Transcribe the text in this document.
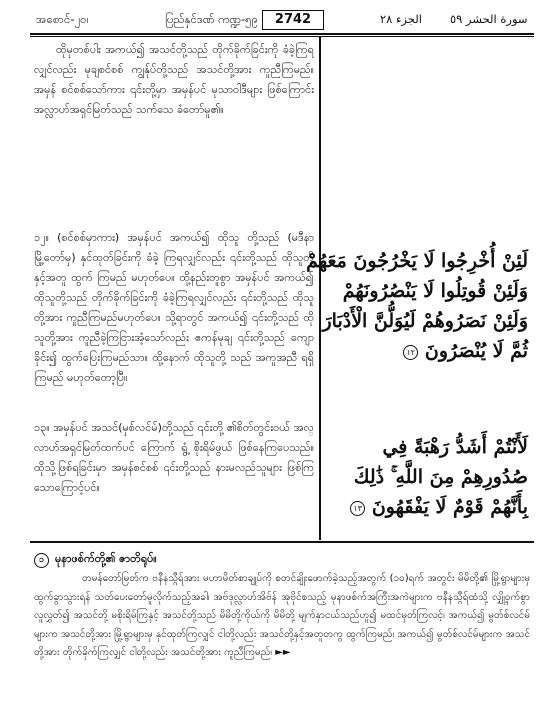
အစောင်-၂၀၊	ပြည်နှင်ဒဏ် ကဏ္ဍ-၅၉	2742	الجزء ٢٨ سورة الحشر ٥٩
ထိုမှတစ်ပါး အကယ်၍ အသင်တို့သည် တိုက်ခိုက်ခြင်းကို ခံခဲ့ကြရလျှင်လည်း မုချစင်စစ် ကျွန်ုပ်တို့သည် အသင်တို့အား ကူညီကြမည်။ အမှန် စင်စစ်သော်ကား ၎င်းတို့မှာ အမှန်ပင် မုသာဝါဒီများ ဖြစ်ကြောင်း အလ္လာဟ်အရှင်မြတ်သည် သက်သေ ခံတော်မူ၏။
၁၂။ (စင်စစ်မှာကား) အမှန်ပင် အကယ်၍ ထိုသူ တို့သည် (မဒီနာမြို့တော်မှ) နှင်ထုတ်ခြင်းကို ခံခဲ့ ကြရလျှင်လည်း ၎င်းတို့သည် ထိုသူတို့နှင့်အတူ ထွက် ကြမည် မဟုတ်ပေ။ ထို့နည်းတူစွာ အမှန်ပင် အကယ်၍ ထိုသူတို့သည် တိုက်ခိုက်ခြင်းကို ခံခဲ့ကြရလျှင်လည်း ၎င်းတို့သည် ထိုသူတို့အား ကူညီကြမည်မဟုတ်ပေ။ သို့ရာတွင် အကယ်၍ ၎င်းတို့သည် ထိုသူတို့အား ကူညီခဲ့ကြငြားအံ့သော်လည်း ဧကန်မုချ ၎င်းတို့သည် ကျော ခိုင်း၍ ထွက်ပြေးကြမည်သာ။ ထို့နောက် ထိုသူတို့ သည် အကူအညီ ရရှိကြမည် မဟုတ်တော့ပြီ။
၁၃။ အမှန်ပင် အသင်(မှစ်လင်မ်)တို့သည် ၎င်းတို့ ၏စိတ်တွင်းဝယ် အလ္လာဟ်အရှင်မြတ်ထက်ပင် ကြောက် ရွံ့ စိုးရိမ်ဖွယ် ဖြစ်နေကြပေသည်။ ထိုသို့ဖြစ်ရခြင်းမှာ အမှန်စင်စစ် ၎င်းတို့သည် နားမလည်သူများ ဖြစ်ကြ သောကြောင့်ပင်။
لَئِنْ أُخْرِجُوا لَا يَخْرُجُونَ مَعَهُمْ
وَلَئِنْ قُوتِلُوا لَا يَنْصُرُونَهُمْ
وَلَئِنْ نَصَرُوهُمْ لَيُوَلُّنَّ الْأَدْبَارَ
ثُمَّ لَا يُنْصَرُونَ ١٢
لَأَنْتُمْ أَشَدُّ رَهْبَةً فِي
صُدُورِهِمْ مِنَ اللَّهِ ۚ ذَٰلِكَ
بِأَنَّهُمْ قَوْمٌ لَا يَفْقَهُونَ ١٣
၁ မုနာဖစ်က်တို့၏ ဇာတိရုပ်။
တမန်တော်မြတ်က ဗနီနသ္ဂီရ်အား မဟာမိတ်စာချုပ်ကို စတင်ချိုးဖောက်ခဲ့သည့်အတွက် (၁၀)ရက် အတွင်း မိမိတို့၏ မြို့ရွာများမှ ထွက်ခွာသွားရန် သတ်ပေးတော်မူလိုက်သည့်အခါ၊ အဗ်ဒုလ္လာဟ်အိဗ်န် အုဗိုင်စသည့် မုနာဖစ်က်အကြီးအကဲများက ဗနီနသ္ဂီရ်ထံသို့ လျှို့ဝှက်စွာ လူလွှတ်၍ အသင်တို့ မစိုးရိမ်ကြနှင့် အသင်တို့သည် မိမိတို့ကိုယ်ကို မိမိတို့ မျက်နှာငယ်သည်ဟူ၍ မထင်မှတ်ကြလင့်၊ အကယ်၍ မွတ်စ်လင်မ်များက အသင်တို့အား မြို့ရွာများမှ နှင်ထုတ်ကြလျှင် ငါတို့လည်း အသင်တို့နှင့်အတူတကွ ထွက်ကြမည်၊ အကယ်၍ မွတ်စ်လင်မ်များက အသင်တို့အား တိုက်ခိုက်ကြလျှင် ငါတို့လည်း အသင်တို့အား ကူညီကြမည်၊ ►►
